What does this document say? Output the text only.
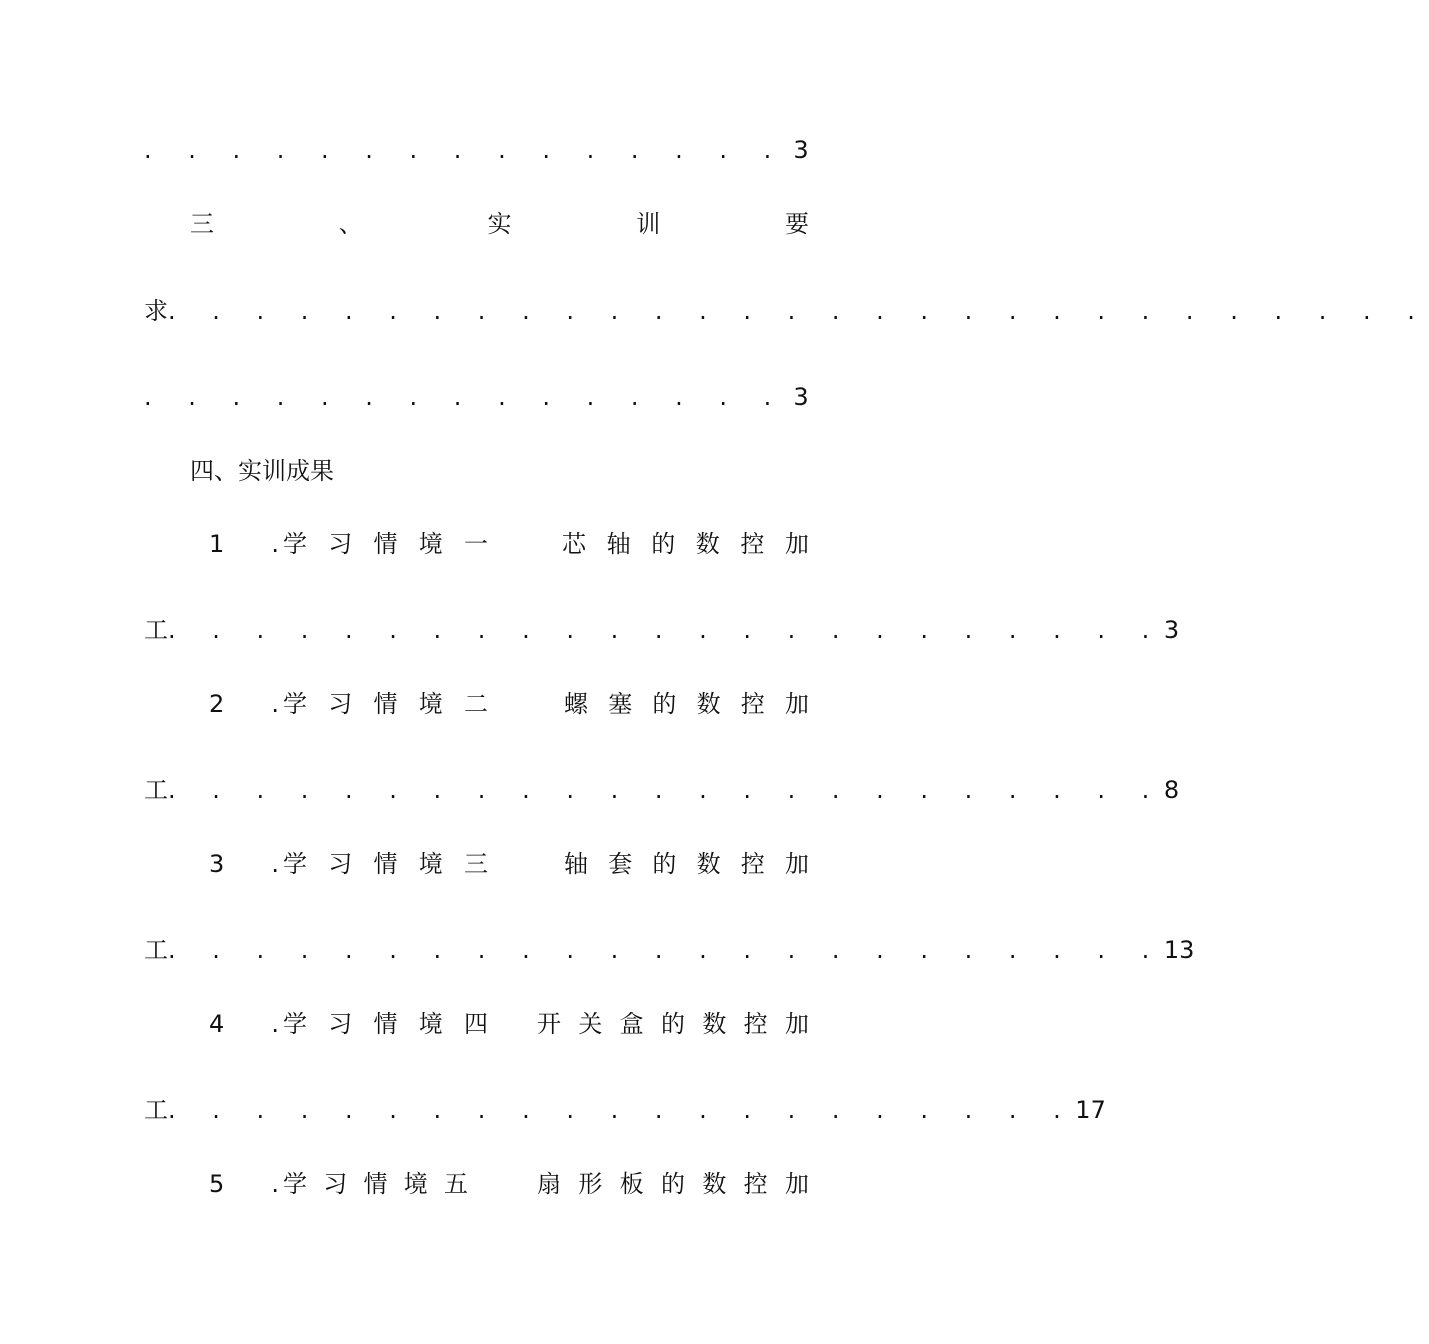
. . . . . . . . . . . . . . . 3
三	、	实	训	要
求. . . . . . . . . . . . . . . . . . . . . . . . . . . . .
. . . . . . . . . . . . . . . 3
四、实训成果
1 . 学 习 情 境 一	芯 轴 的 数 控 加
工. . . . . . . . . . . . . . . . . . . . . . .3
2 . 学 习 情 境 二	螺 塞 的 数 控 加
工. . . . . . . . . . . . . . . . . . . . . . .8
3 . 学 习 情 境 三	轴 套 的 数 控 加
工. . . . . . . . . . . . . . . . . . . . . . .13
4 . 学 习 情 境 四 开 关 盒 的 数 控 加
工. . . . . . . . . . . . . . . . . . . . .17
5 . 学 习 情 境 五	扇 形 板 的 数 控 加
